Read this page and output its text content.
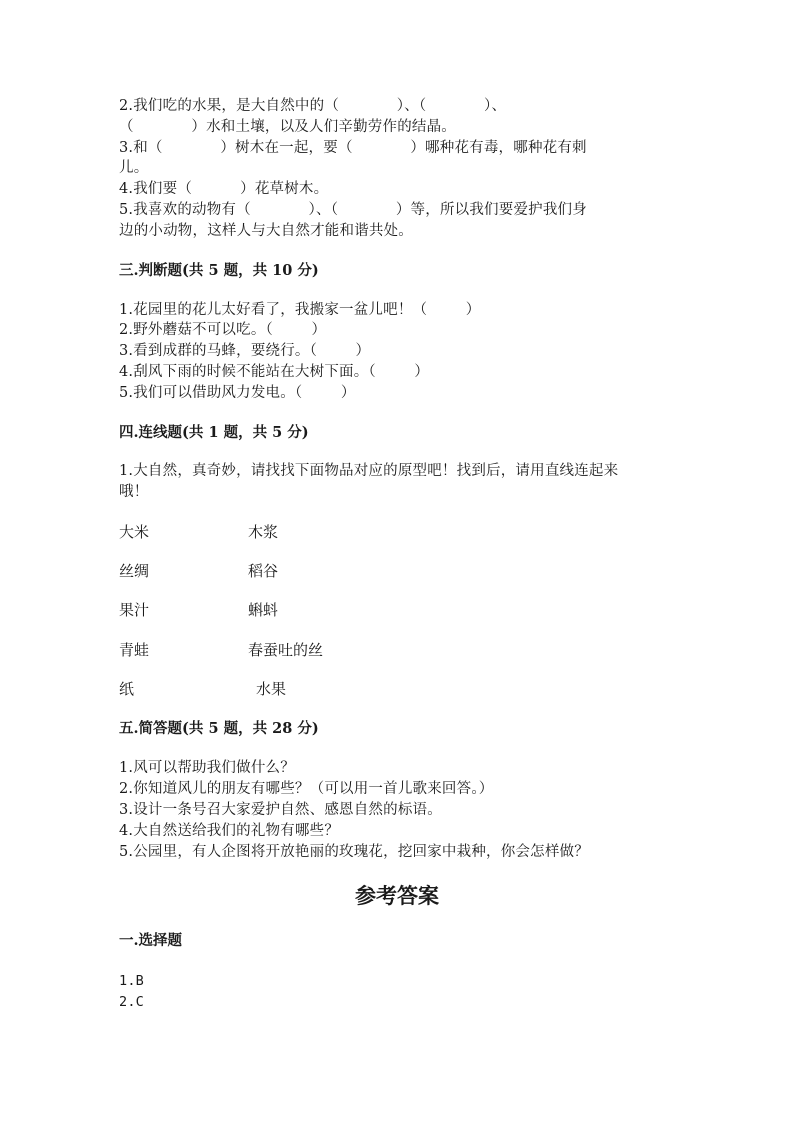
2.我们吃的水果，是大自然中的（            ）、（            ）、
（            ）水和土壤，以及人们辛勤劳作的结晶。
3.和（            ）树木在一起，要（            ）哪种花有毒，哪种花有刺
儿。
4.我们要（          ）花草树木。
5.我喜欢的动物有（            ）、（            ）等，所以我们要爱护我们身
边的小动物，这样人与大自然才能和谐共处。
三.判断题(共 5 题，共 10 分)
1.花园里的花儿太好看了，我搬家一盆儿吧！（        ）
2.野外蘑菇不可以吃。（        ）
3.看到成群的马蜂，要绕行。（        ）
4.刮风下雨的时候不能站在大树下面。（        ）
5.我们可以借助风力发电。（        ）
四.连线题(共 1 题，共 5 分)
1.大自然，真奇妙，请找找下面物品对应的原型吧！找到后，请用直线连起来
哦！
大米	木浆
丝绸	稻谷
果汁	蝌蚪
青蛙	春蚕吐的丝
纸	水果
五.简答题(共 5 题，共 28 分)
1.风可以帮助我们做什么？
2.你知道风儿的朋友有哪些？（可以用一首儿歌来回答。）
3.设计一条号召大家爱护自然、感恩自然的标语。
4.大自然送给我们的礼物有哪些？
5.公园里，有人企图将开放艳丽的玫瑰花，挖回家中栽种，你会怎样做？
参考答案
一.选择题
1.B
2.C
